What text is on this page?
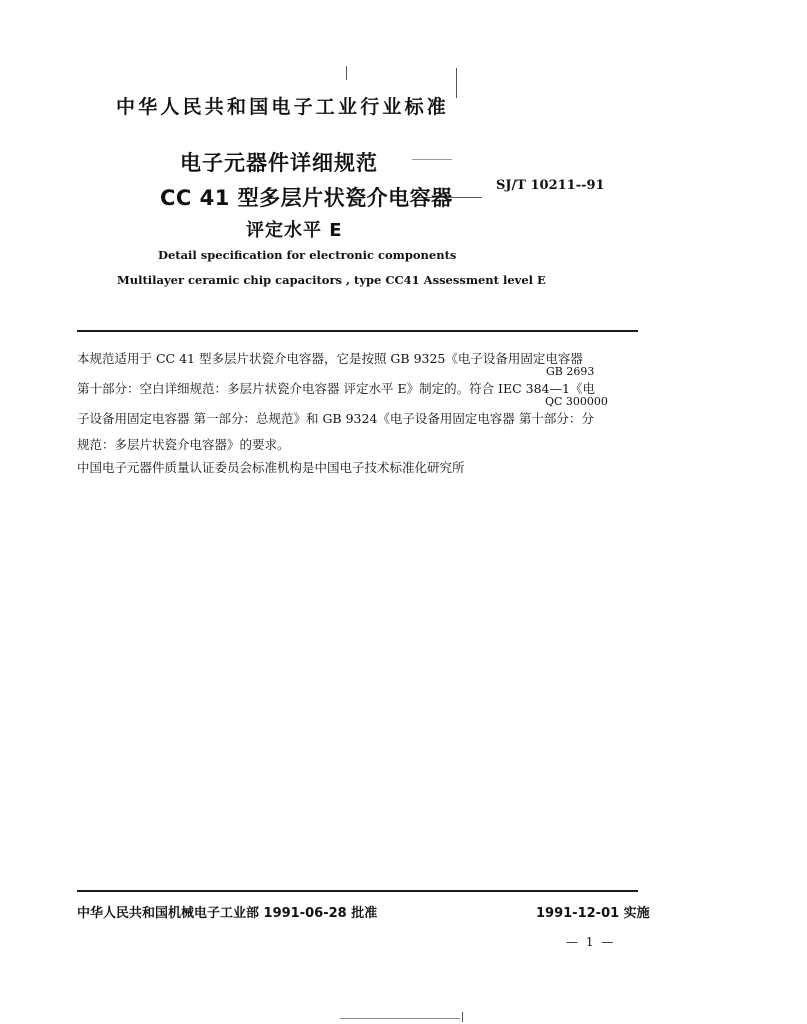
中华人民共和国电子工业行业标准
电子元器件详细规范
CC 41 型多层片状瓷介电容器
评定水平 E
SJ/T 10211--91
Detail specification for electronic components
Multilayer ceramic chip capacitors , type CC41 Assessment level E
本规范适用于 CC 41 型多层片状瓷介电容器，它是按照 GB 9325《电子设备用固定电容器
GB 2693
第十部分：空白详细规范：多层片状瓷介电容器 评定水平 E》制定的。符合 IEC 384—1《电
QC 300000
子设备用固定电容器 第一部分：总规范》和 GB 9324《电子设备用固定电容器 第十部分：分
规范：多层片状瓷介电容器》的要求。
中国电子元器件质量认证委员会标准机构是中国电子技术标准化研究所
中华人民共和国机械电子工业部 1991-06-28 批准	1991-12-01 实施
— 1 —
